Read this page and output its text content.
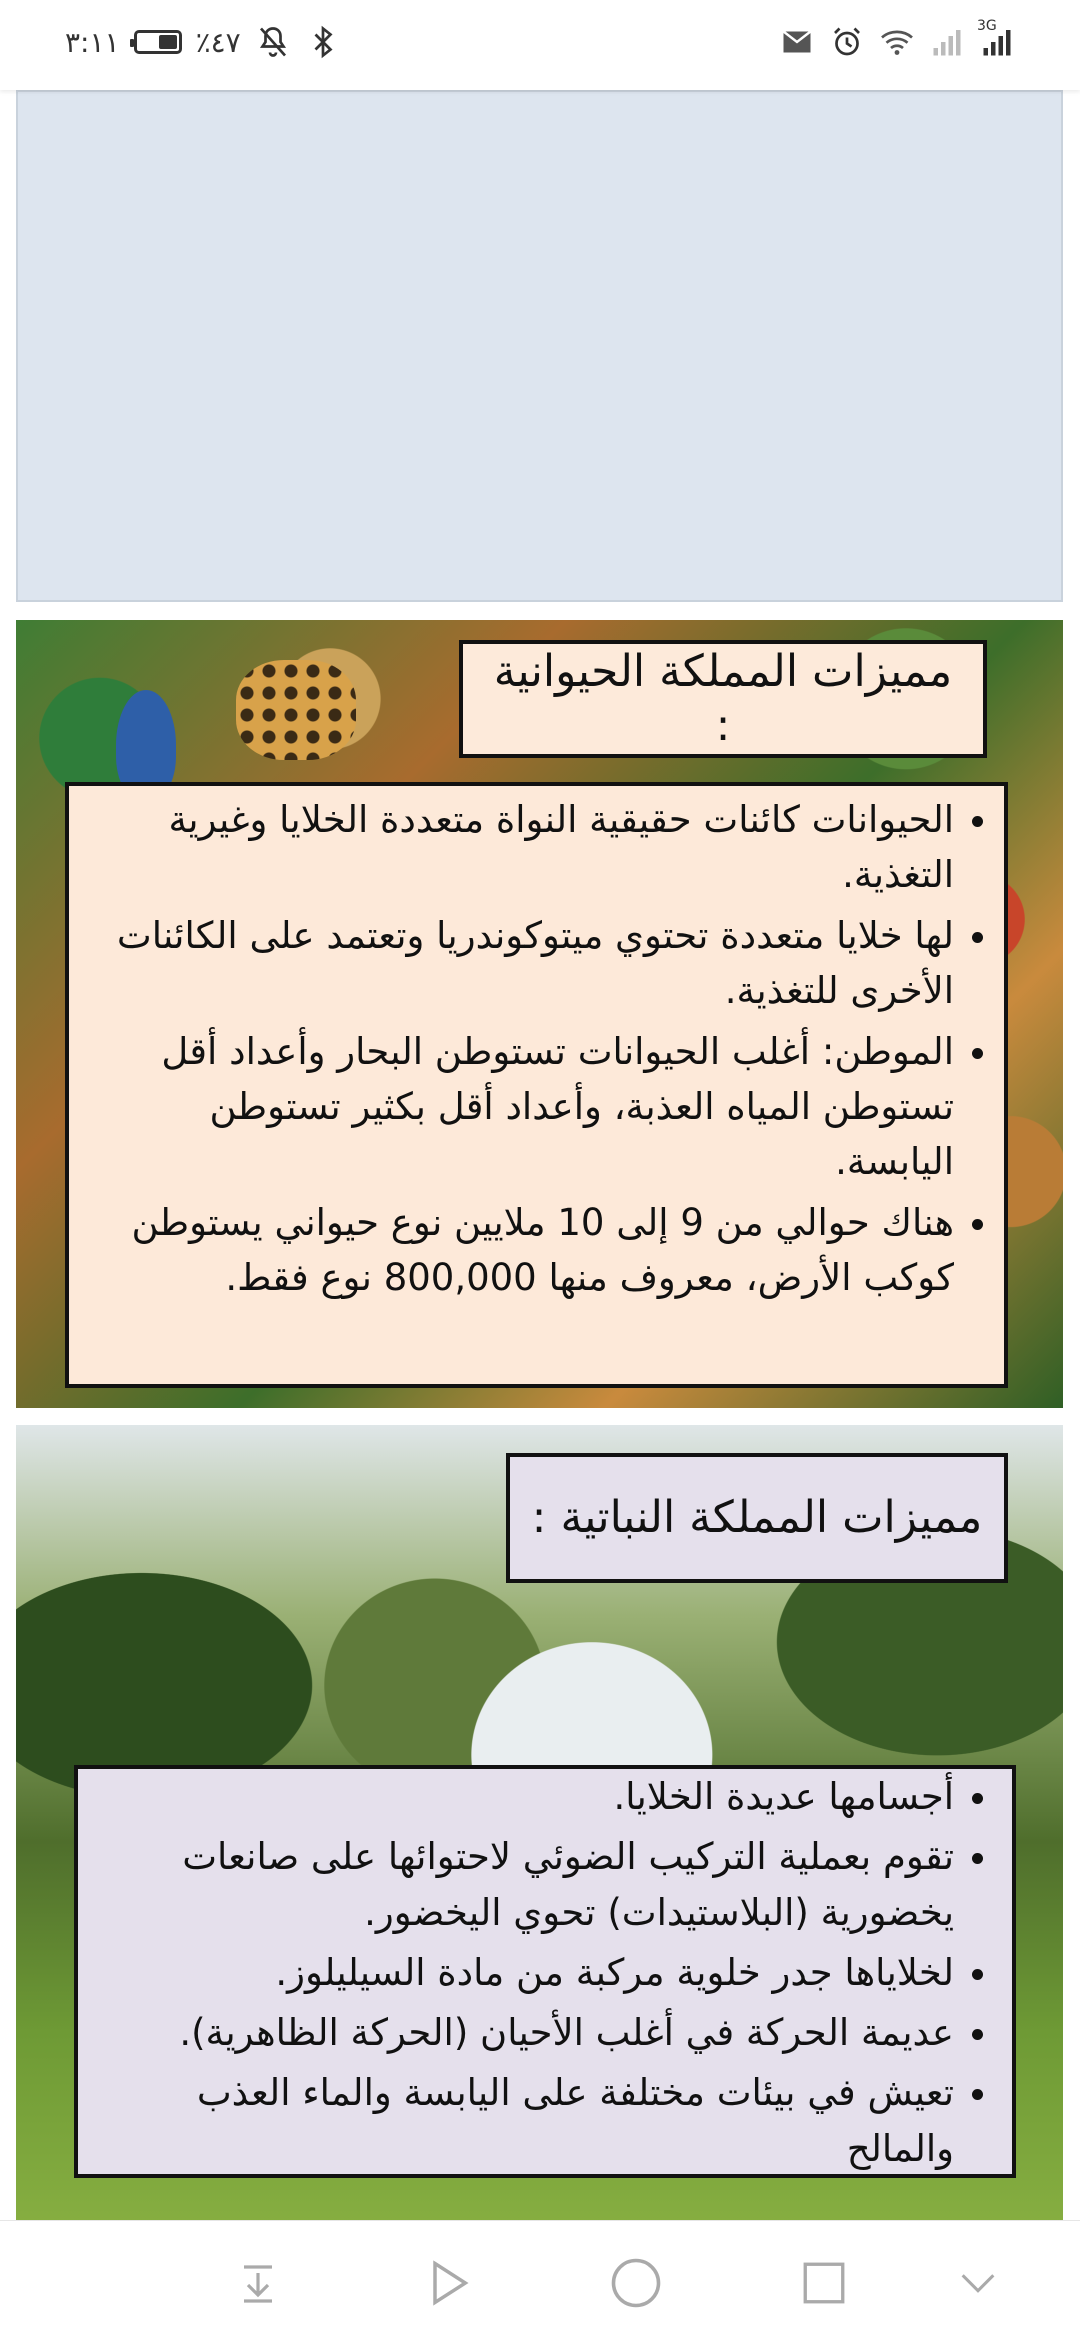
٣:١١	٪٤٧	3G
مميزات المملكة الحيوانية :
• الحيوانات كائنات حقيقية النواة متعددة الخلايا وغيرية التغذية.
• لها خلايا متعددة تحتوي ميتوكوندريا وتعتمد على الكائنات الأخرى للتغذية.
• الموطن: أغلب الحيوانات تستوطن البحار وأعداد أقل تستوطن المياه العذبة، وأعداد أقل بكثير تستوطن اليابسة.
• هناك حوالي من 9 إلى 10 ملايين نوع حيواني يستوطن كوكب الأرض، معروف منها 800,000 نوع فقط.
مميزات المملكة النباتية :
• أجسامها عديدة الخلايا.
• تقوم بعملية التركيب الضوئي لاحتوائها على صانعات يخضورية (البلاستيدات) تحوي اليخضور.
• لخلاياها جدر خلوية مركبة من مادة السيليلوز.
• عديمة الحركة في أغلب الأحيان (الحركة الظاهرية).
• تعيش في بيئات مختلفة على اليابسة والماء العذب والمالح
